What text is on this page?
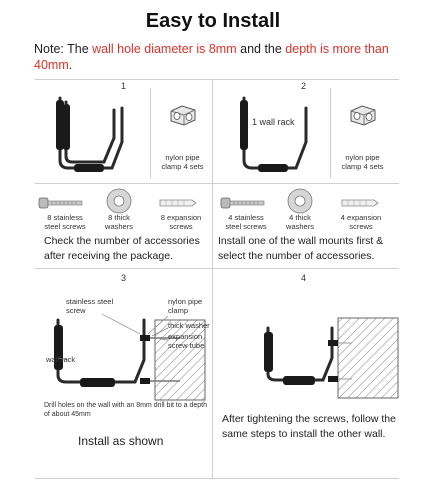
Easy to Install
Note: The wall hole diameter is 8mm and the depth is more than 40mm.
1
nylon pipe clamp 4 sets
8 stainless steel screws
8 thick washers
8 expansion screws
Check the number of accessories after receiving the package.
2
1 wall rack
nylon pipe clamp 4 sets
4 stainless steel screws
4 thick washers
4 expansion screws
Install one of the wall mounts first & select the number of accessories.
3
stainless steel screw
nylon pipe clamp
thick washer
expansion screw tube
wall rack
Drill holes on the wall with an 8mm drill bit to a depth of about 45mm
Install as shown
4
After tightening the screws, follow the same steps to install the other wall.
